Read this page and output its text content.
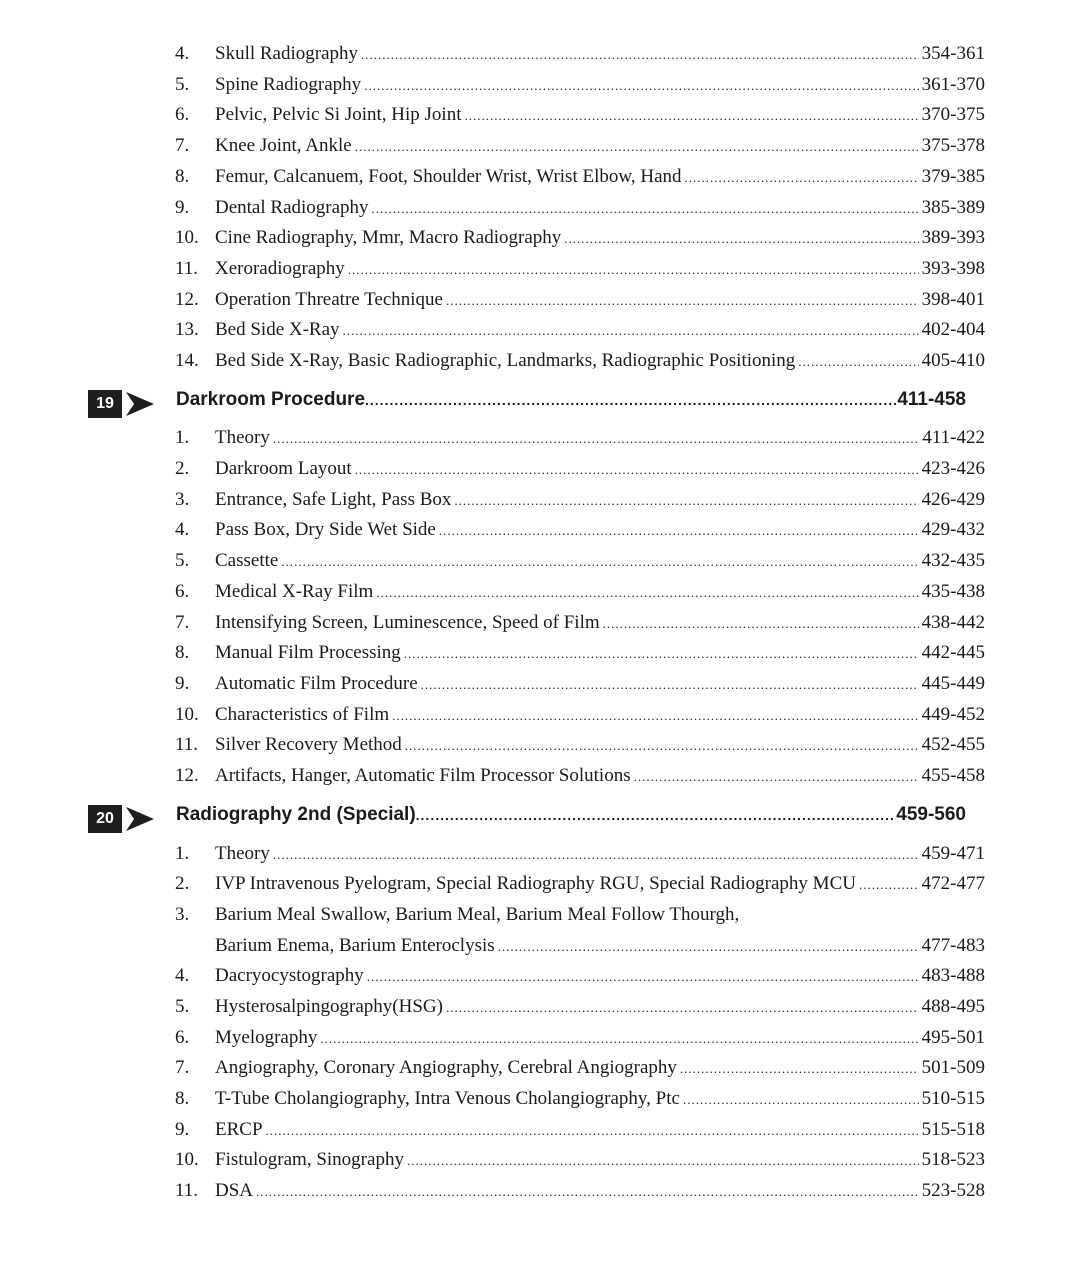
4.	Skull Radiography .....	354-361
5.	Spine Radiography .....	361-370
6.	Pelvic, Pelvic Si Joint, Hip Joint .....	370-375
7.	Knee Joint, Ankle .....	375-378
8.	Femur, Calcanuem, Foot, Shoulder Wrist, Wrist Elbow, Hand .....	379-385
9.	Dental Radiography .....	385-389
10. Cine Radiography, Mmr, Macro Radiography .....	389-393
11. Xeroradiography .....	393-398
12. Operation Threatre Technique .....	398-401
13. Bed Side X-Ray .....	402-404
14. Bed Side X-Ray, Basic Radiographic, Landmarks, Radiographic Positioning .....	405-410
19	Darkroom Procedure .....	411-458
1.	Theory .....	411-422
2.	Darkroom Layout .....	423-426
3.	Entrance, Safe Light, Pass Box .....	426-429
4.	Pass Box, Dry Side Wet Side .....	429-432
5.	Cassette .....	432-435
6.	Medical X-Ray Film .....	435-438
7.	Intensifying Screen, Luminescence, Speed of Film .....	438-442
8.	Manual Film Processing .....	442-445
9.	Automatic Film Procedure .....	445-449
10. Characteristics of Film .....	449-452
11. Silver Recovery Method .....	452-455
12. Artifacts, Hanger, Automatic Film Processor Solutions .....	455-458
20	Radiography 2nd (Special) .....	459-560
1.	Theory .....	459-471
2.	IVP Intravenous Pyelogram, Special Radiography RGU, Special Radiography MCU .....	472-477
3.	Barium Meal Swallow, Barium Meal, Barium Meal Follow Thourgh,
Barium Enema, Barium Enteroclysis .....	477-483
4.	Dacryocystography .....	483-488
5.	Hysterosalpingography(HSG) .....	488-495
6.	Myelography .....	495-501
7.	Angiography, Coronary Angiography, Cerebral Angiography .....	501-509
8.	T-Tube Cholangiography, Intra Venous Cholangiography, Ptc .....	510-515
9.	ERCP .....	515-518
10. Fistulogram, Sinography .....	518-523
11. DSA .....	523-528
